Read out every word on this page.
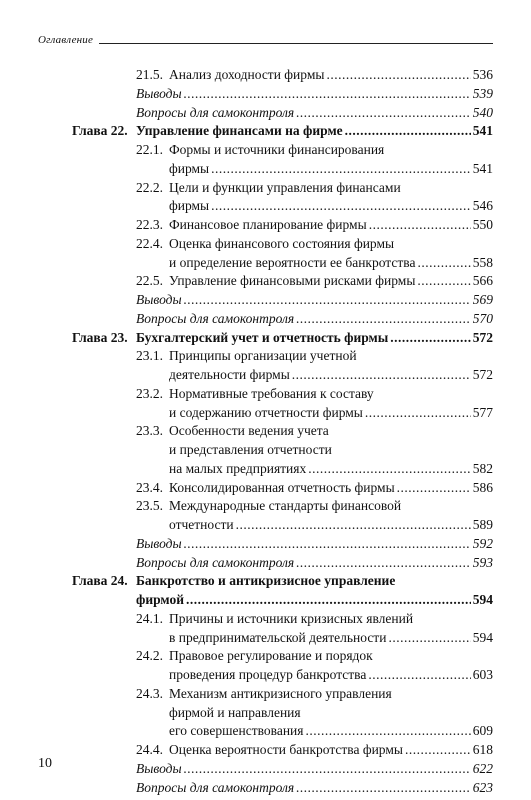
Оглавление
21.5. Анализ доходности фирмы .....	536
Выводы .....	539
Вопросы для самоконтроля .....	540
Глава 22. Управление финансами на фирме .....	541
22.1. Формы и источники финансирования
фирмы .....	541
22.2. Цели и функции управления финансами
фирмы .....	546
22.3. Финансовое планирование фирмы .....	550
22.4. Оценка финансового состояния фирмы
и определение вероятности ее банкротства .....	558
22.5. Управление финансовыми рисками фирмы .....	566
Выводы .....	569
Вопросы для самоконтроля .....	570
Глава 23. Бухгалтерский учет и отчетность фирмы .....	572
23.1. Принципы организации учетной
деятельности фирмы .....	572
23.2. Нормативные требования к составу
и содержанию отчетности фирмы .....	577
23.3. Особенности ведения учета
и представления отчетности
на малых предприятиях .....	582
23.4. Консолидированная отчетность фирмы .....	586
23.5. Международные стандарты финансовой
отчетности .....	589
Выводы .....	592
Вопросы для самоконтроля .....	593
Глава 24. Банкротство и антикризисное управление
фирмой .....	594
24.1. Причины и источники кризисных явлений
в предпринимательской деятельности .....	594
24.2. Правовое регулирование и порядок
проведения процедур банкротства .....	603
24.3. Механизм антикризисного управления
фирмой и направления
его совершенствования .....	609
24.4. Оценка вероятности банкротства фирмы .....	618
Выводы .....	622
Вопросы для самоконтроля .....	623
10
